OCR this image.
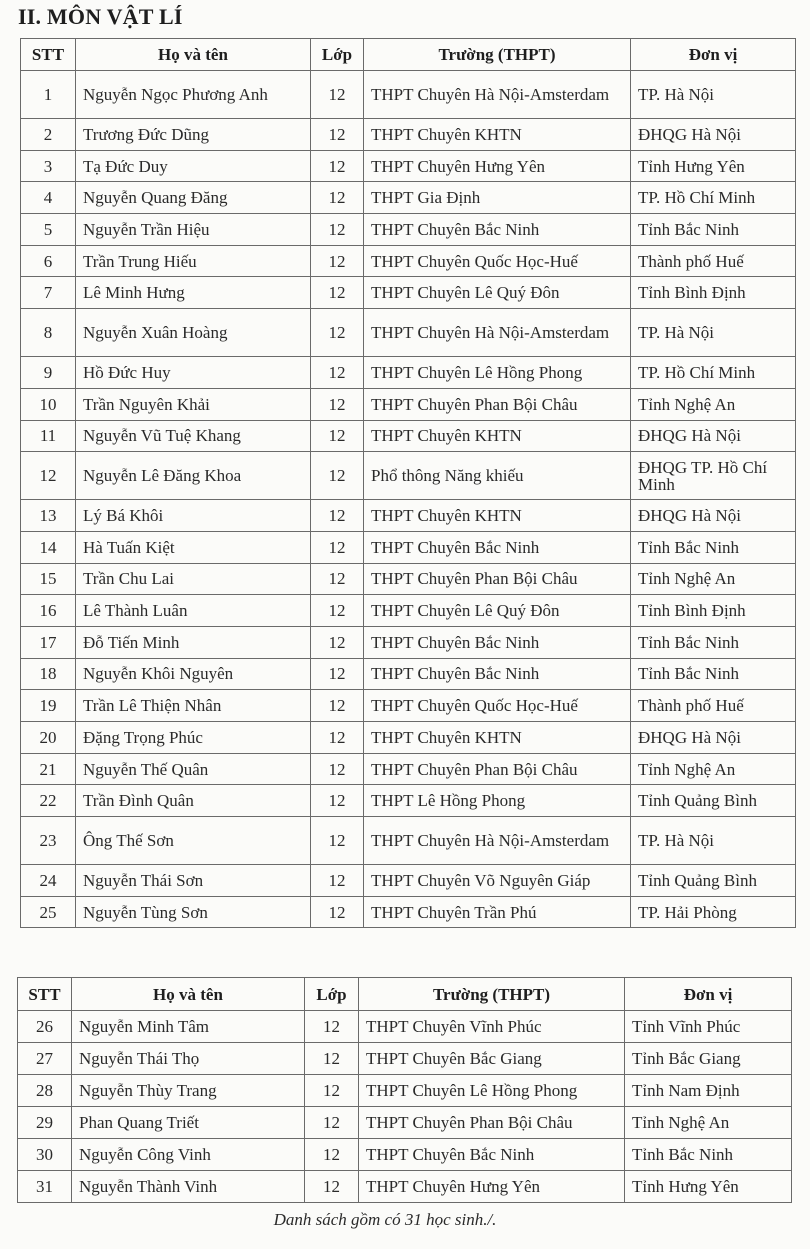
II. MÔN VẬT LÍ
STT	Họ và tên	Lớp	Trường (THPT)	Đơn vị
1	Nguyễn Ngọc Phương Anh	12	THPT Chuyên Hà Nội-Amsterdam	TP. Hà Nội
2	Trương Đức Dũng	12	THPT Chuyên KHTN	ĐHQG Hà Nội
3	Tạ Đức Duy	12	THPT Chuyên Hưng Yên	Tỉnh Hưng Yên
4	Nguyễn Quang Đăng	12	THPT Gia Định	TP. Hồ Chí Minh
5	Nguyễn Trần Hiệu	12	THPT Chuyên Bắc Ninh	Tỉnh Bắc Ninh
6	Trần Trung Hiếu	12	THPT Chuyên Quốc Học-Huế	Thành phố Huế
7	Lê Minh Hưng	12	THPT Chuyên Lê Quý Đôn	Tỉnh Bình Định
8	Nguyễn Xuân Hoàng	12	THPT Chuyên Hà Nội-Amsterdam	TP. Hà Nội
9	Hồ Đức Huy	12	THPT Chuyên Lê Hồng Phong	TP. Hồ Chí Minh
10	Trần Nguyên Khải	12	THPT Chuyên Phan Bội Châu	Tỉnh Nghệ An
11	Nguyễn Vũ Tuệ Khang	12	THPT Chuyên KHTN	ĐHQG Hà Nội
12	Nguyễn Lê Đăng Khoa	12	Phổ thông Năng khiếu	ĐHQG TP. Hồ Chí Minh
13	Lý Bá Khôi	12	THPT Chuyên KHTN	ĐHQG Hà Nội
14	Hà Tuấn Kiệt	12	THPT Chuyên Bắc Ninh	Tỉnh Bắc Ninh
15	Trần Chu Lai	12	THPT Chuyên Phan Bội Châu	Tỉnh Nghệ An
16	Lê Thành Luân	12	THPT Chuyên Lê Quý Đôn	Tỉnh Bình Định
17	Đỗ Tiến Minh	12	THPT Chuyên Bắc Ninh	Tỉnh Bắc Ninh
18	Nguyễn Khôi Nguyên	12	THPT Chuyên Bắc Ninh	Tỉnh Bắc Ninh
19	Trần Lê Thiện Nhân	12	THPT Chuyên Quốc Học-Huế	Thành phố Huế
20	Đặng Trọng Phúc	12	THPT Chuyên KHTN	ĐHQG Hà Nội
21	Nguyễn Thế Quân	12	THPT Chuyên Phan Bội Châu	Tỉnh Nghệ An
22	Trần Đình Quân	12	THPT Lê Hồng Phong	Tỉnh Quảng Bình
23	Ông Thế Sơn	12	THPT Chuyên Hà Nội-Amsterdam	TP. Hà Nội
24	Nguyễn Thái Sơn	12	THPT Chuyên Võ Nguyên Giáp	Tỉnh Quảng Bình
25	Nguyễn Tùng Sơn	12	THPT Chuyên Trần Phú	TP. Hải Phòng
STT	Họ và tên	Lớp	Trường (THPT)	Đơn vị
26	Nguyễn Minh Tâm	12	THPT Chuyên Vĩnh Phúc	Tỉnh Vĩnh Phúc
27	Nguyễn Thái Thọ	12	THPT Chuyên Bắc Giang	Tỉnh Bắc Giang
28	Nguyễn Thùy Trang	12	THPT Chuyên Lê Hồng Phong	Tỉnh Nam Định
29	Phan Quang Triết	12	THPT Chuyên Phan Bội Châu	Tỉnh Nghệ An
30	Nguyễn Công Vinh	12	THPT Chuyên Bắc Ninh	Tỉnh Bắc Ninh
31	Nguyễn Thành Vinh	12	THPT Chuyên Hưng Yên	Tỉnh Hưng Yên
Danh sách gồm có 31 học sinh./.
